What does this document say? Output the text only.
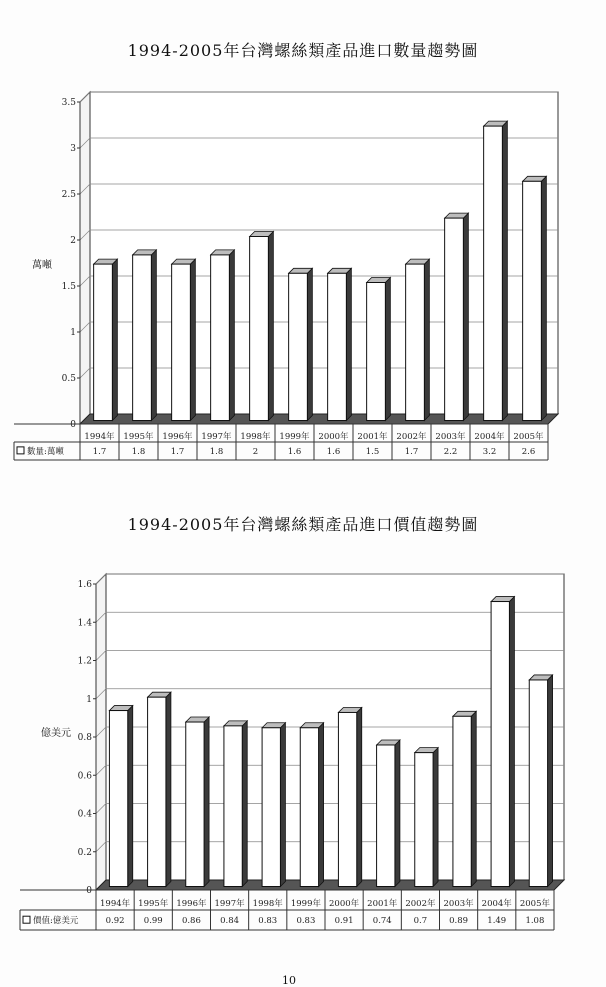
1994-2005年台灣螺絲類產品進口數量趨勢圖
0
0.5
1
1.5
2
2.5
3
3.5
萬噸
1994年
1.7
1995年
1.8
1996年
1.7
1997年
1.8
1998年
2
1999年
1.6
2000年
1.6
2001年
1.5
2002年
1.7
2003年
2.2
2004年
3.2
2005年
2.6
數量:萬噸
1994-2005年台灣螺絲類產品進口價值趨勢圖
0
0.2
0.4
0.6
0.8
1
1.2
1.4
1.6
億美元
1994年
0.92
1995年
0.99
1996年
0.86
1997年
0.84
1998年
0.83
1999年
0.83
2000年
0.91
2001年
0.74
2002年
0.7
2003年
0.89
2004年
1.49
2005年
1.08
價值:億美元
10
